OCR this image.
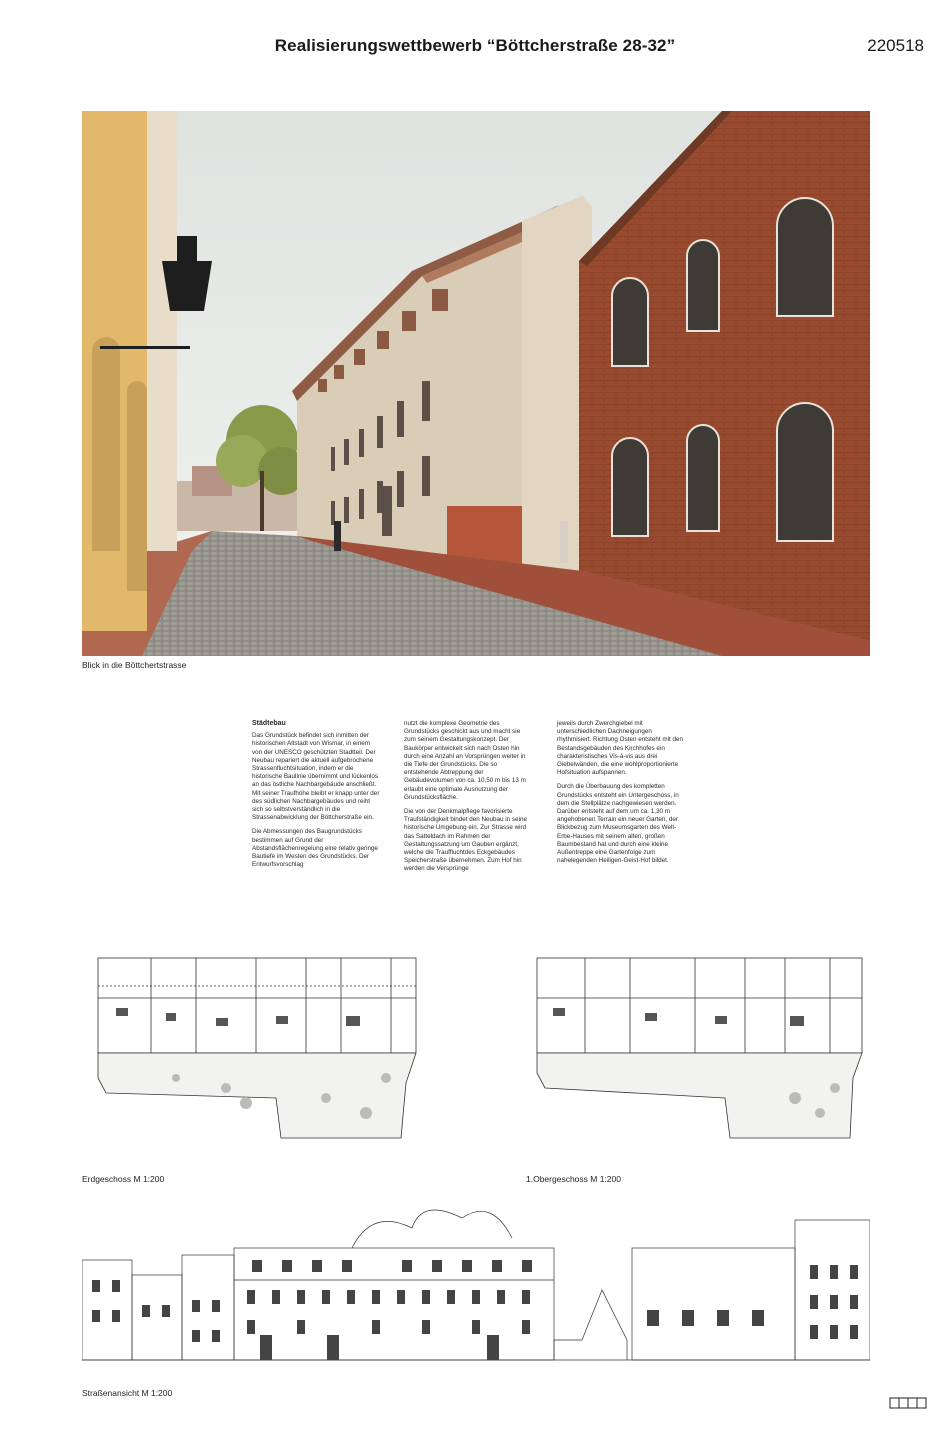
Realisierungswettbewerb “Böttcherstraße 28-32”	220518
Blick in die Böttchertstrasse
Städtebau

Das Grundstück befindet sich inmitten der historischen Altstadt von Wismar, in einem von der UNESCO geschützten Stadtteil. Der Neubau repariert die aktuell aufgebrochene Strassenfluchtsituation, indem er die historische Baulinie übernimmt und lückenlos an das östliche Nachbargebäude anschließt. Mit seiner Traufhöhe bleibt er knapp unter der des südlichen Nachbargebäudes und reiht sich so selbstverständlich in die Strassenabwicklung der Böttcherstraße ein.

Die Abmessungen des Baugrundstücks bestimmen auf Grund der Abstandsflächenregelung eine relativ geringe Bautiefe im Westen des Grundstücks. Der Entwurfsvorschlag

nutzt die komplexe Geometrie des Grundstücks geschickt aus und macht sie zum seinem Gestaltungskonzept. Der Baukörper entwickelt sich nach Osten hin durch eine Anzahl an Vorsprüngen weiter in die Tiefe der Grundstücks. Die so entstehende Abtreppung der Gebäudevolumen von ca. 10,50 m bis 13 m erlaubt eine optimale Ausnutzung der Grundstücksfläche.

Die von der Denkmalpflege favorisierte Traufständigkeit bindet den Neubau in seine historische Umgebung ein. Zur Strasse wird das Satteldach im Rahmen der Gestaltungssatzung um Gauben ergänzt, welche die Trauffluchtdes Eckgebäudes Speicherstraße übernehmen. Zum Hof hin werden die Versprünge

jeweils durch Zwerchgiebel mit unterschiedlichen Dachneigungen rhythmisiert. Richtung Osten entsteht mit den Bestandsgebäuden des Kirchhofes ein charakteristisches Vis-à-vis aus drei Giebelwänden, die eine wohlproportionierte Hofsituation aufspannen.

Durch die Überbauung des kompletten Grundstücks entsteht ein Untergeschoss, in dem die Stellplätze nachgewiesen werden. Darüber entsteht auf dem um ca. 1,30 m angehobenen Terrain ein neuer Garten, der Blickbezug zum Museumsgarten des Welt-Erbe-Hauses mit seinem alten, großen Baumbestand hat und durch eine kleine Außentreppe eine Gartenfolge zum nahelegenden Heiligen-Geist-Hof bildet.

Erdgeschoss M 1:200	1.Obergeschoss M 1:200
Straßenansicht M 1:200
